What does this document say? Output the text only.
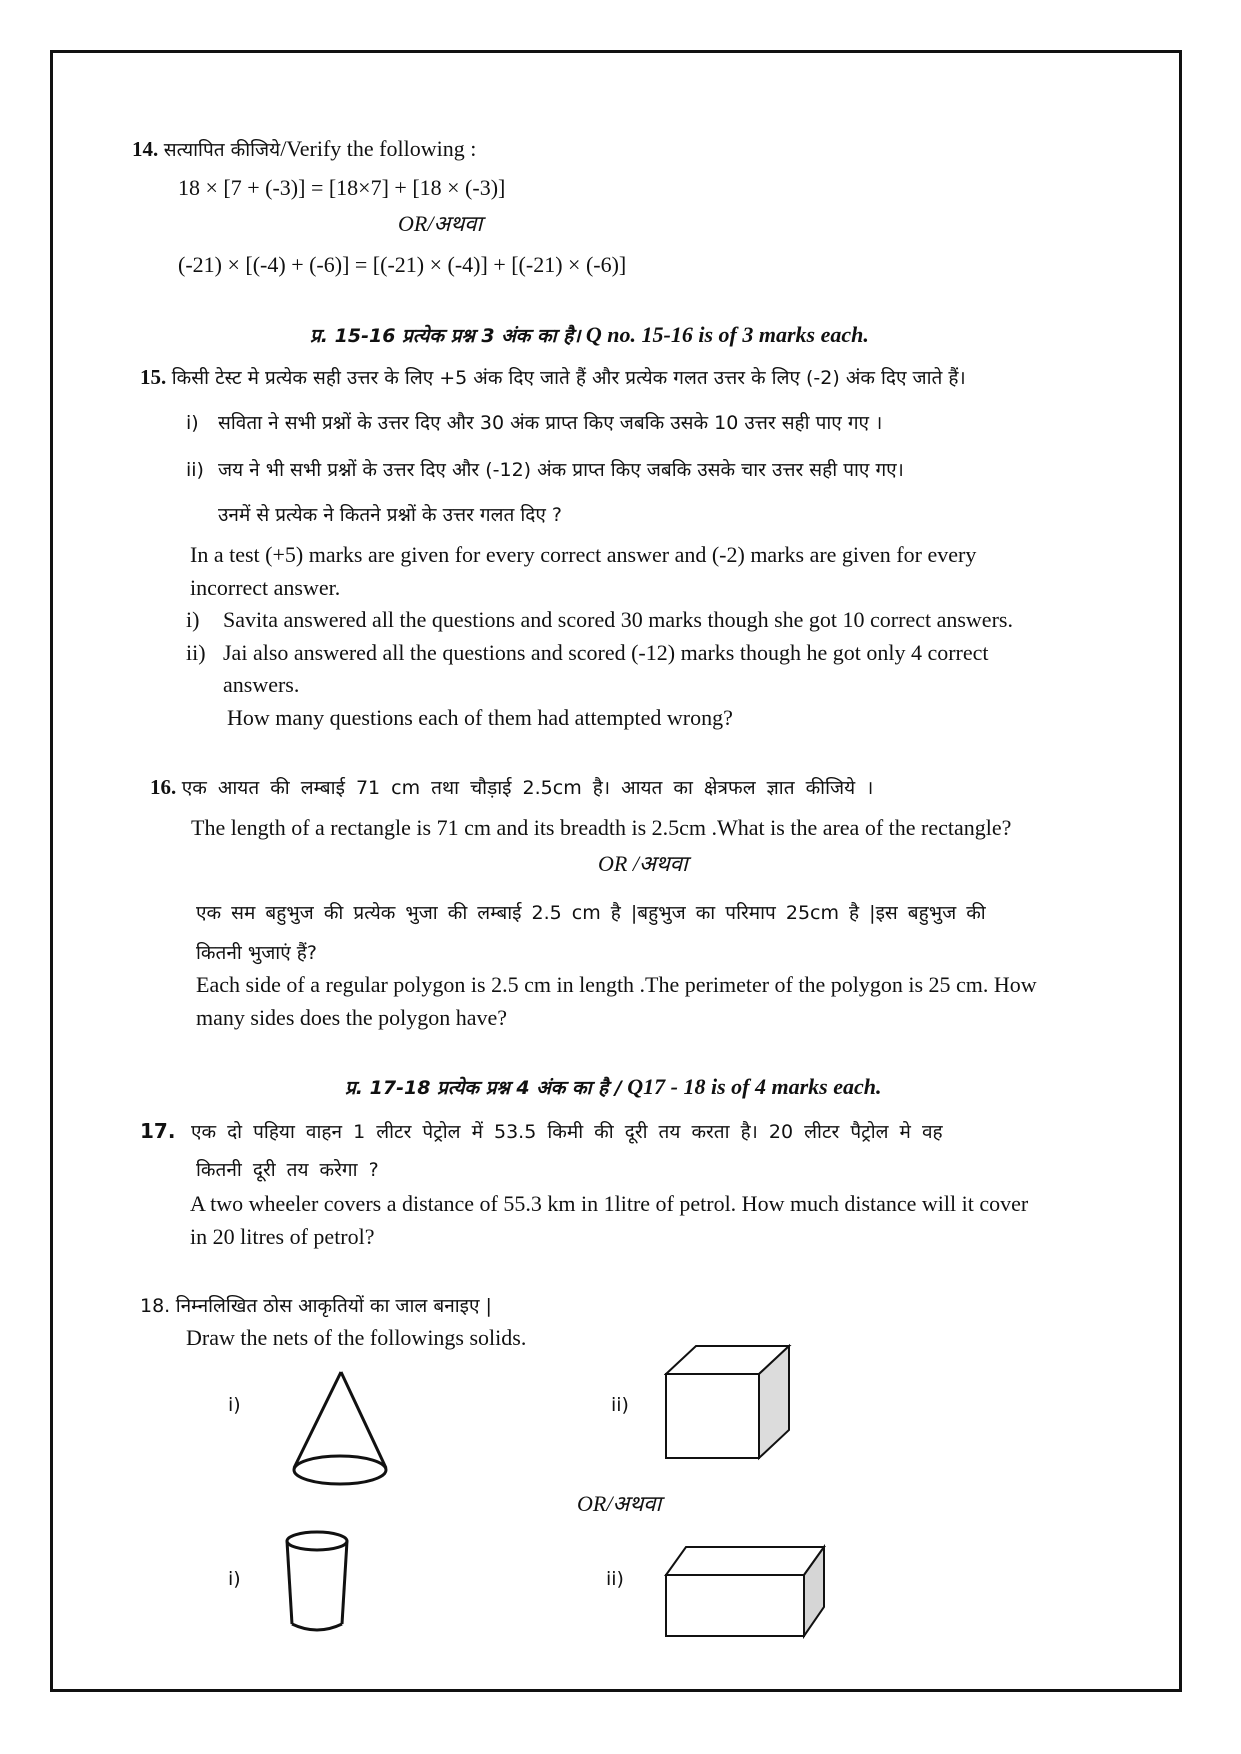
14. सत्यापित कीजिये/Verify the following :
18 × [7 + (-3)] = [18×7] + [18 × (-3)]
OR/अथवा
(-21) × [(-4) + (-6)] = [(-21) × (-4)] + [(-21) × (-6)]
प्र. 15-16 प्रत्येक प्रश्न 3 अंक का है। Q no. 15-16 is of 3 marks each.
15. किसी टेस्ट मे प्रत्येक सही उत्तर के लिए +5 अंक दिए जाते हैं और प्रत्येक गलत उत्तर के लिए (-2) अंक दिए जाते हैं।
i) सविता ने सभी प्रश्नों के उत्तर दिए और 30 अंक प्राप्त किए जबकि उसके 10 उत्तर सही पाए गए ।
ii) जय ने भी सभी प्रश्नों के उत्तर दिए और (-12) अंक प्राप्त किए जबकि उसके चार उत्तर सही पाए गए।
उनमें से प्रत्येक ने कितने प्रश्नों के उत्तर गलत दिए ?
In a test (+5) marks are given for every correct answer and (-2) marks are given for every
incorrect answer.
i) Savita answered all the questions and scored 30 marks though she got 10 correct answers.
ii) Jai also answered all the questions and scored (-12) marks though he got only 4 correct
answers.
How many questions each of them had attempted wrong?
16. एक आयत की लम्बाई 71 cm तथा चौड़ाई 2.5cm है। आयत का क्षेत्रफल ज्ञात कीजिये ।
The length of a rectangle is 71 cm and its breadth is 2.5cm .What is the area of the rectangle?
OR /अथवा
एक सम बहुभुज की प्रत्येक भुजा की लम्बाई 2.5 cm है |बहुभुज का परिमाप 25cm है |इस बहुभुज की
कितनी भुजाएं हैं?
Each side of a regular polygon is 2.5 cm in length .The perimeter of the polygon is 25 cm. How
many sides does the polygon have?
प्र. 17-18 प्रत्येक प्रश्न 4 अंक का है / Q17 - 18 is of 4 marks each.
17. एक दो पहिया वाहन 1 लीटर पेट्रोल में 53.5 किमी की दूरी तय करता है। 20 लीटर पैट्रोल मे वह
कितनी दूरी तय करेगा ?
A two wheeler covers a distance of 55.3 km in 1litre of petrol. How much distance will it cover
in 20 litres of petrol?
18. निम्नलिखित ठोस आकृतियों का जाल बनाइए |
Draw the nets of the followings solids.
i)	ii)
OR/अथवा
i)	ii)
